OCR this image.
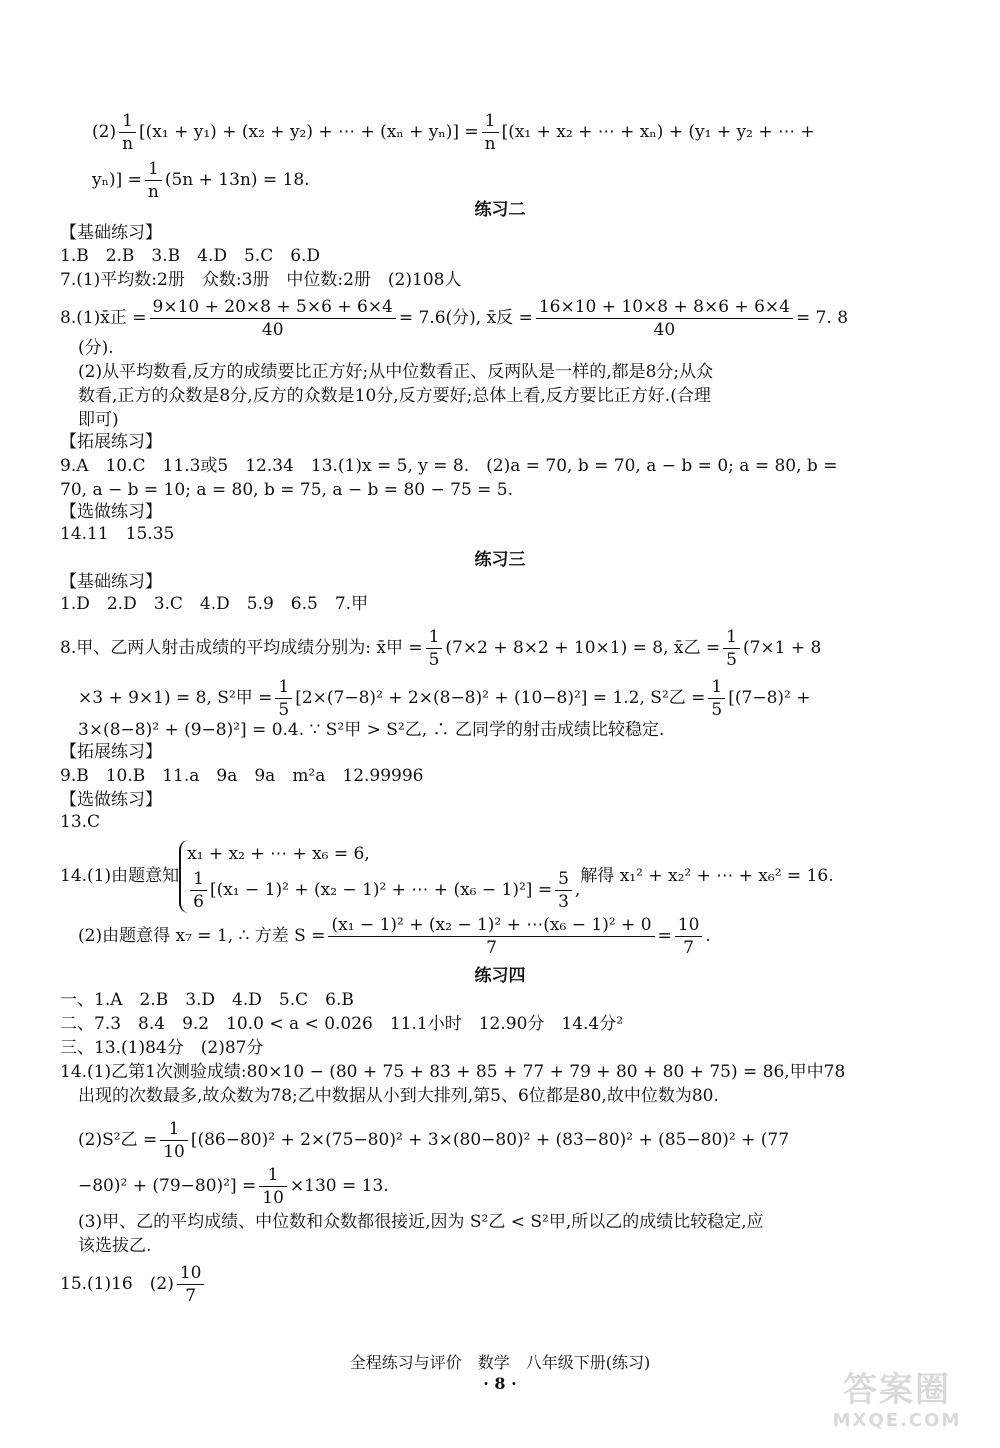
$(2) \frac{1}{n} [(x_1 + y_1) + (x_2 + y_2)$ + ⋯ + $(x_n + y_n)] = \frac{1}{n} [(x_1 + x_2$ + ⋯ + xₙ) + (y₁ + y₂ + ⋯ +
$y_n)] = \frac{1}{n} (5n + 13n) = 18$.
练习二
【基础练习】
1.B　2.B　3.B　4.D　5.C　6.D
7.(1)平均数:2册　众数:3册　中位数:2册　(2)108人
8.(1)x̄正 = $\frac{9\times 10 + 20\times 8 + 5\times 6 + 6\times 4}{40} = 7.6$(分), x̄反 = $\frac{16\times 10 + 10\times 8 + 8\times 6 + 6\times 4}{40} = 7$. 8
(分).
(2)从平均数看,反方的成绩要比正方好;从中位数看正、反两队是一样的,都是8分;从众
数看,正方的众数是8分,反方的众数是10分,反方要好;总体上看,反方要比正方好.(合理
即可)
【拓展练习】
9.A　10.C　11.3或5　12.34　13.(1)x = 5, y = 8.　(2)a = 70, b = 70, a − b = 0; a = 80, b =
70, a − b = 10; a = 80, b = 75, a − b = 80 − 75 = 5.
【选做练习】
14.11　15.35
练习三
【基础练习】
1.D　2.D　3.C　4.D　5.9　6.5　7.甲
8.甲、乙两人射击成绩的平均成绩分别为: x̄甲 = $\frac{1}{5} (7\times 2 + 8\times 2 + 10\times 1) = 8$, x̄乙 = $\frac{1}{5} (7\times 1 + 8$
×3 + 9×1) = 8, S²甲 = $\frac{1}{5} [2\times(7-8)^2 + 2\times(8-8)^2 + (10-8)^2] = 1.2$, S²乙 = $\frac{1}{5} [(7-8)^2$ +
3×(8−8)² + (9−8)²] = 0.4. ∵ S²甲 > S²乙, ∴ 乙同学的射击成绩比较稳定.
【拓展练习】
9.B　10.B　11.a　9a　9a　m²a　12.99996
【选做练习】
13.C
14.(1)由题意知
x₁ + x₂ + ⋯ + x₆ = 6,
$\frac{1}{6} [(x_1 - 1)^2 + (x_2 - 1)^2$ + ⋯ + $(x_6 - 1)^2] = \frac{5}{3}$ ,
解得 x₁² + x₂² + ⋯ + x₆² = 16.
(2)由题意得 x₇ = 1, ∴ 方差 $S = \frac{\text{(x₁ − 1)² + (x₂ − 1)² + ⋯(x₆ − 1)² + 0}}{7} = \frac{10}{7}$ .
练习四
一、1.A　2.B　3.D　4.D　5.C　6.B
二、7.3　8.4　9.2　10.0 < a < 0.026　11.1小时　12.90分　14.4分²
三、13.(1)84分　(2)87分
14.(1)乙第1次测验成绩:80×10 − (80 + 75 + 83 + 85 + 77 + 79 + 80 + 80 + 75) = 86,甲中78
出现的次数最多,故众数为78;乙中数据从小到大排列,第5、6位都是80,故中位数为80.
(2)S²乙 = $\frac{1}{10} [(86-80)^2 + 2\times(75-80)^2 + 3\times(80-80)^2 + (83-80)^2 + (85-80)^2 + (77$
$-80)^2 + (79-80)^2] = \frac{1}{10} \times 130 = 13$.
(3)甲、乙的平均成绩、中位数和众数都很接近,因为 S²乙 < S²甲,所以乙的成绩比较稳定,应
该选拔乙.
15.(1)16　$(2) \frac{10}{7}$
全程练习与评价　数学　八年级下册(练习)
· 8 ·	答案圈
MXQE.COM
